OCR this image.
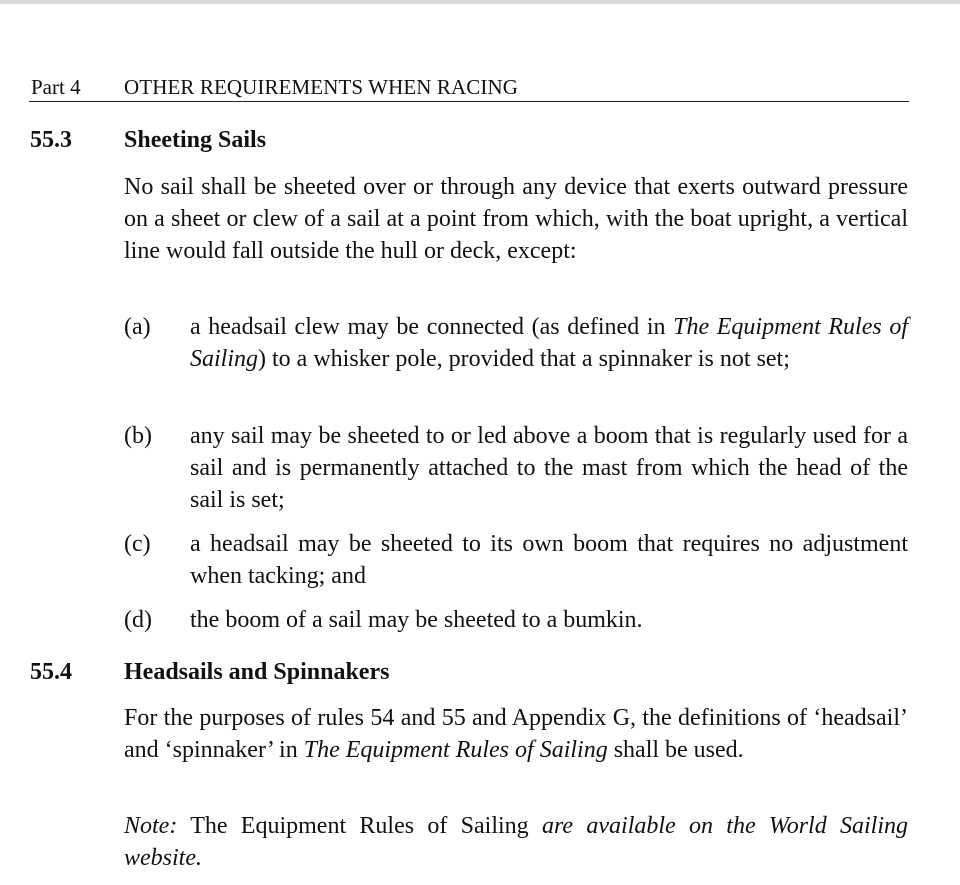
Part 4 OTHER REQUIREMENTS WHEN RACING
55.3 Sheeting Sails
No sail shall be sheeted over or through any device that exerts outward pressure on a sheet or clew of a sail at a point from which, with the boat upright, a vertical line would fall outside the hull or deck, except:
(a) a headsail clew may be connected (as defined in The Equipment Rules of Sailing) to a whisker pole, provided that a spinnaker is not set;
(b) any sail may be sheeted to or led above a boom that is regularly used for a sail and is permanently attached to the mast from which the head of the sail is set;
(c) a headsail may be sheeted to its own boom that requires no adjustment when tacking; and
(d) the boom of a sail may be sheeted to a bumkin.
55.4 Headsails and Spinnakers
For the purposes of rules 54 and 55 and Appendix G, the definitions of ‘headsail’ and ‘spinnaker’ in The Equipment Rules of Sailing shall be used.
Note: The Equipment Rules of Sailing are available on the World Sailing website.
